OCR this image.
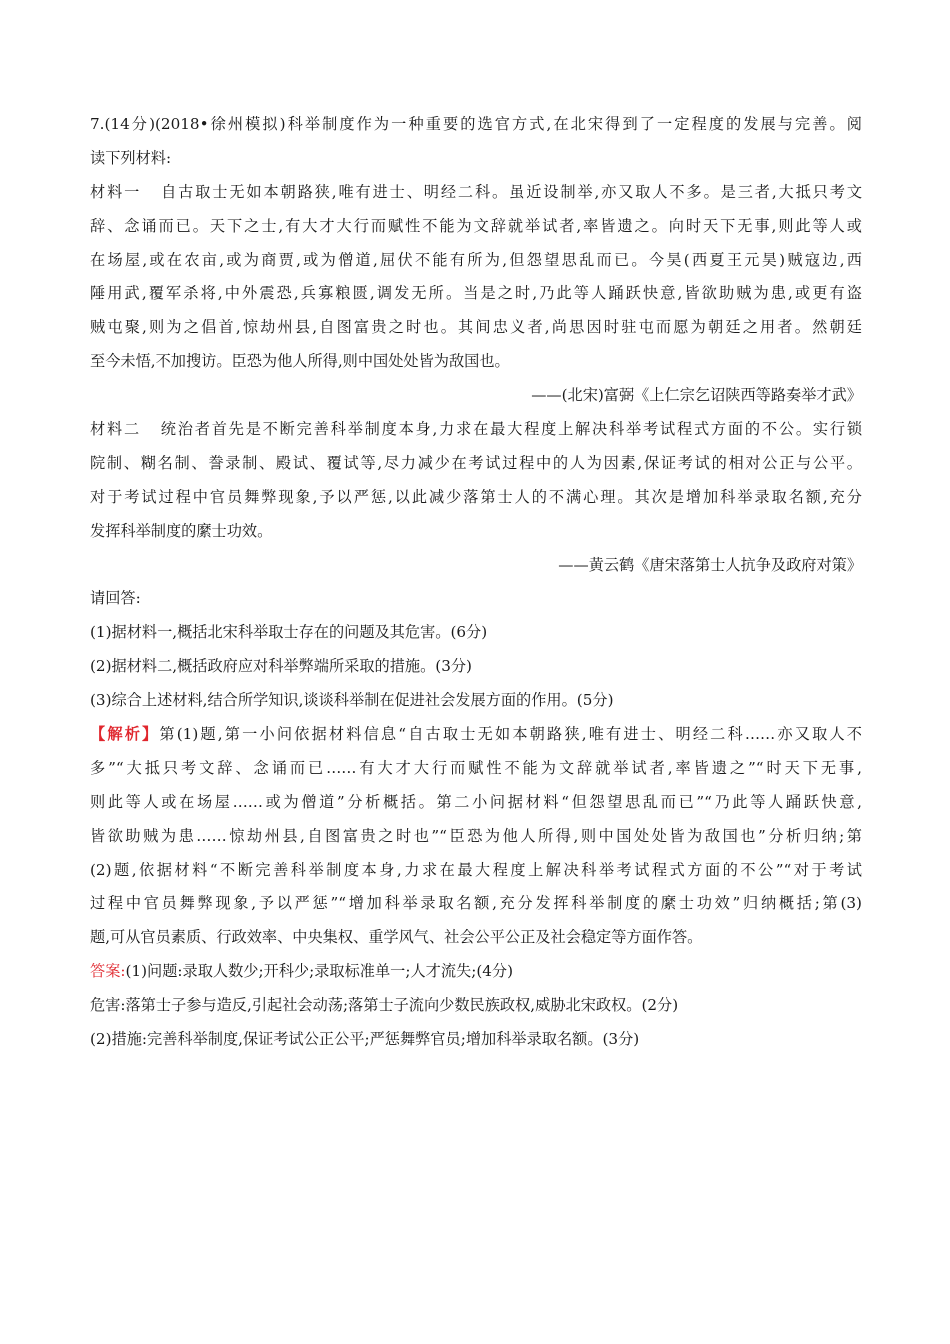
7.(14分)(2018•徐州模拟)科举制度作为一种重要的选官方式,在北宋得到了一定程度的发展与完善。阅
读下列材料:
材料一 自古取士无如本朝路狭,唯有进士、明经二科。虽近设制举,亦又取人不多。是三者,大抵只考文
辞、念诵而已。天下之士,有大才大行而赋性不能为文辞就举试者,率皆遗之。向时天下无事,则此等人或
在场屋,或在农亩,或为商贾,或为僧道,屈伏不能有所为,但怨望思乱而已。今昊(西夏王元昊)贼寇边,西
陲用武,覆军杀将,中外震恐,兵寡粮匮,调发无所。当是之时,乃此等人踊跃快意,皆欲助贼为患,或更有盗
贼屯聚,则为之倡首,惊劫州县,自图富贵之时也。其间忠义者,尚思因时驻屯而愿为朝廷之用者。然朝廷
至今未悟,不加搜访。臣恐为他人所得,则中国处处皆为敌国也。
——(北宋)富弼《上仁宗乞诏陕西等路奏举才武》
材料二 统治者首先是不断完善科举制度本身,力求在最大程度上解决科举考试程式方面的不公。实行锁
院制、糊名制、誊录制、殿试、覆试等,尽力减少在考试过程中的人为因素,保证考试的相对公正与公平。
对于考试过程中官员舞弊现象,予以严惩,以此减少落第士人的不满心理。其次是增加科举录取名额,充分
发挥科举制度的縻士功效。
——黄云鹤《唐宋落第士人抗争及政府对策》
请回答:
(1)据材料一,概括北宋科举取士存在的问题及其危害。(6分)
(2)据材料二,概括政府应对科举弊端所采取的措施。(3分)
(3)综合上述材料,结合所学知识,谈谈科举制在促进社会发展方面的作用。(5分)
【解析】第(1)题,第一小问依据材料信息“自古取士无如本朝路狭,唯有进士、明经二科……亦又取人不
多”“大抵只考文辞、念诵而已……有大才大行而赋性不能为文辞就举试者,率皆遗之”“时天下无事,
则此等人或在场屋……或为僧道”分析概括。第二小问据材料“但怨望思乱而已”“乃此等人踊跃快意,
皆欲助贼为患……惊劫州县,自图富贵之时也”“臣恐为他人所得,则中国处处皆为敌国也”分析归纳;第
(2)题,依据材料“不断完善科举制度本身,力求在最大程度上解决科举考试程式方面的不公”“对于考试
过程中官员舞弊现象,予以严惩”“增加科举录取名额,充分发挥科举制度的縻士功效”归纳概括;第(3)
题,可从官员素质、行政效率、中央集权、重学风气、社会公平公正及社会稳定等方面作答。
答案:(1)问题:录取人数少;开科少;录取标准单一;人才流失;(4分)
危害:落第士子参与造反,引起社会动荡;落第士子流向少数民族政权,威胁北宋政权。(2分)
(2)措施:完善科举制度,保证考试公正公平;严惩舞弊官员;增加科举录取名额。(3分)
